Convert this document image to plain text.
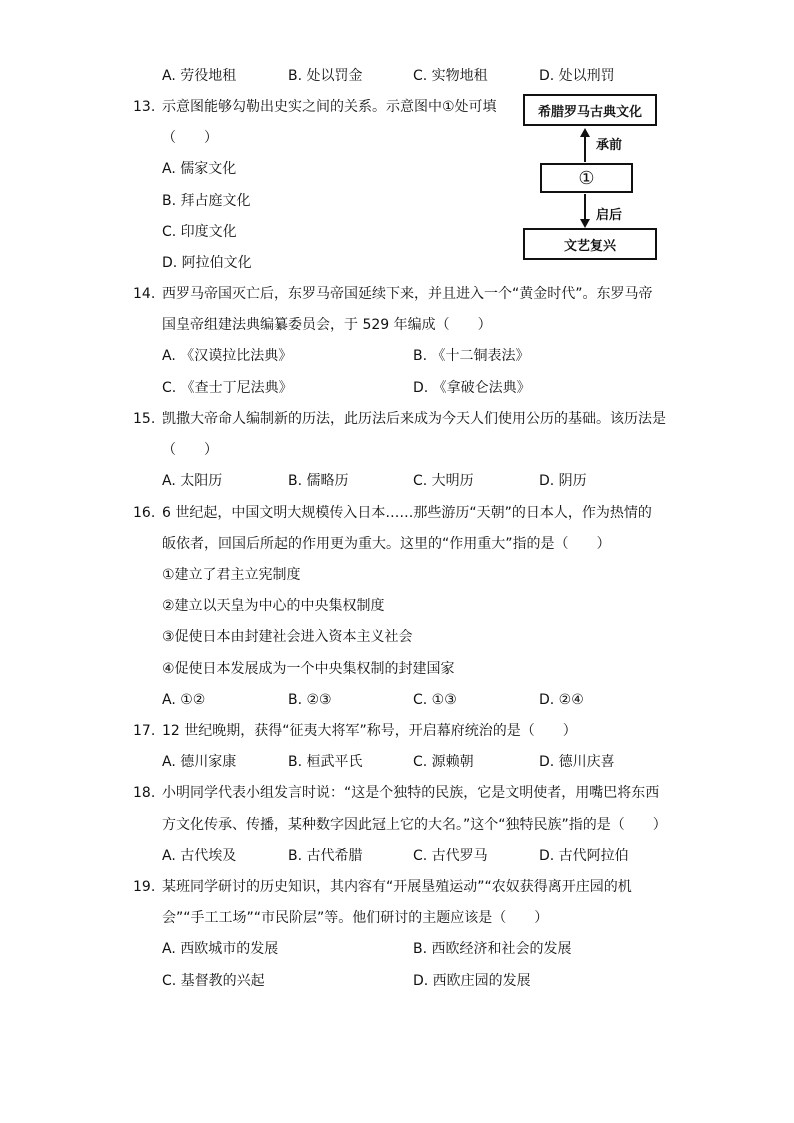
A. 劳役地租	B. 处以罚金	C. 实物地租	D. 处以刑罚
13. 示意图能够勾勒出史实之间的关系。示意图中①处可填
（　　）
A. 儒家文化
B. 拜占庭文化
C. 印度文化
D. 阿拉伯文化
希腊罗马古典文化
承前
①
启后
文艺复兴
14. 西罗马帝国灭亡后，东罗马帝国延续下来，并且进入一个“黄金时代”。东罗马帝
国皇帝组建法典编纂委员会，于 529 年编成（　　）
A. 《汉谟拉比法典》	B. 《十二铜表法》
C. 《查士丁尼法典》	D. 《拿破仑法典》
15. 凯撒大帝命人编制新的历法，此历法后来成为今天人们使用公历的基础。该历法是
（　　）
A. 太阳历	B. 儒略历	C. 大明历	D. 阴历
16. 6 世纪起，中国文明大规模传入日本……那些游历“天朝”的日本人，作为热情的
皈依者，回国后所起的作用更为重大。这里的“作用重大”指的是（　　）
①建立了君主立宪制度
②建立以天皇为中心的中央集权制度
③促使日本由封建社会进入资本主义社会
④促使日本发展成为一个中央集权制的封建国家
A. ①②	B. ②③	C. ①③	D. ②④
17. 12 世纪晚期，获得“征夷大将军”称号，开启幕府统治的是（　　）
A. 德川家康	B. 桓武平氏	C. 源赖朝	D. 德川庆喜
18. 小明同学代表小组发言时说：“这是个独特的民族，它是文明使者，用嘴巴将东西
方文化传承、传播，某种数字因此冠上它的大名。”这个“独特民族”指的是（　　）
A. 古代埃及	B. 古代希腊	C. 古代罗马	D. 古代阿拉伯
19. 某班同学研讨的历史知识，其内容有“开展垦殖运动”“农奴获得离开庄园的机
会”“手工工场”“市民阶层”等。他们研讨的主题应该是（　　）
A. 西欧城市的发展	B. 西欧经济和社会的发展
C. 基督教的兴起	D. 西欧庄园的发展
